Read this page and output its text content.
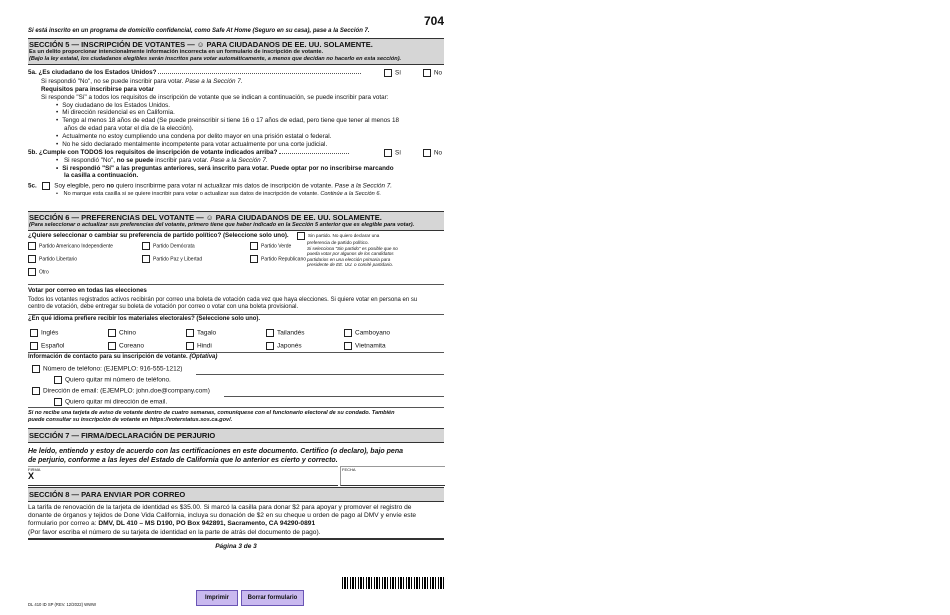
704
Si está inscrito en un programa de domicilio confidencial, como Safe At Home (Seguro en su casa), pase a la Sección 7.
SECCIÓN 5 — INSCRIPCIÓN DE VOTANTES — ☺ PARA CIUDADANOS DE EE. UU. SOLAMENTE.
Es un delito proporcionar intencionalmente información incorrecta en un formulario de inscripción de votante.
(Bajo la ley estatal, los ciudadanos elegibles serán inscritos para votar automáticamente, a menos que decidan no hacerlo en esta sección).
5a. ¿Es ciudadano de los Estados Unidos?	Sí	No
Si respondió "No", no se puede inscribir para votar. Pase a la Sección 7.
Requisitos para inscribirse para votar
Si responde "Sí" a todos los requisitos de inscripción de votante que se indican a continuación, se puede inscribir para votar:
• Soy ciudadano de los Estados Unidos.
• Mi dirección residencial es en California.
• Tengo al menos 18 años de edad (Se puede preinscribir si tiene 16 o 17 años de edad, pero tiene que tener al menos 18
años de edad para votar el día de la elección).
• Actualmente no estoy cumpliendo una condena por delito mayor en una prisión estatal o federal.
• No he sido declarado mentalmente incompetente para votar actualmente por una corte judicial.
5b. ¿Cumple con TODOS los requisitos de inscripción de votante indicados arriba?	Sí	No
• Si respondió "No", no se puede inscribir para votar. Pase a la Sección 7.
• Si respondió "Sí" a las preguntas anteriores, será inscrito para votar. Puede optar por no inscribirse marcando
la casilla a continuación.
5c.	Soy elegible, pero no quiero inscribirme para votar ni actualizar mis datos de inscripción de votante. Pase a la Sección 7.
• No marque esta casilla si se quiere inscribir para votar o actualizar sus datos de inscripción de votante. Continúe a la Sección 6.
SECCIÓN 6 — PREFERENCIAS DEL VOTANTE — ☺ PARA CIUDADANOS DE EE. UU. SOLAMENTE.
(Para seleccionar o actualizar sus preferencias del votante, primero tiene que haber indicado en la Sección 5 anterior que es elegible para votar).
¿Quiere seleccionar o cambiar su preferencia de partido político? (Seleccione solo uno).
Partido Americano Independiente	Partido Demócrata	Partido Verde
Partido Libertario	Partido Paz y Libertad	Partido Republicano
Otro
Sin partido. No quiero declarar una
preferencia de partido político.
Si selecciona "Sin partido" es posible que no
pueda votar por algunos de los candidatos
partidarios en una elección primaria para
presidente de EE. UU. o comité partidario.
Votar por correo en todas las elecciones
Todos los votantes registrados activos recibirán por correo una boleta de votación cada vez que haya elecciones. Si quiere votar en persona en su
centro de votación, debe entregar su boleta de votación por correo o votar con una boleta provisional.
¿En qué idioma prefiere recibir los materiales electorales? (Seleccione solo uno).
Inglés	Chino	Tagalo	Tailandés	Camboyano
Español	Coreano	Hindi	Japonés	Vietnamita
Información de contacto para su inscripción de votante. (Optativa)
Número de teléfono: (EJEMPLO: 916-555-1212)
Quiero quitar mi número de teléfono.
Dirección de email: (EJEMPLO: john.doe@company.com)
Quiero quitar mi dirección de email.
Si no recibe una tarjeta de aviso de votante dentro de cuatro semanas, comuníquese con el funcionario electoral de su condado. También
puede consultar su inscripción de votante en https://voterstatus.sos.ca.gov/.
SECCIÓN 7 — FIRMA/DECLARACIÓN DE PERJURIO
He leído, entiendo y estoy de acuerdo con las certificaciones en este documento. Certifico (o declaro), bajo pena
de perjurio, conforme a las leyes del Estado de California que lo anterior es cierto y correcto.
FIRMA
X
FECHA
SECCIÓN 8 — PARA ENVIAR POR CORREO
La tarifa de renovación de la tarjeta de identidad es $35.00. Si marcó la casilla para donar $2 para apoyar y promover el registro de
donante de órganos y tejidos de Done Vida California, incluya su donación de $2 en su cheque u orden de pago al DMV y envíe este
formulario por correo a: DMV, DL 410 – MS D190, PO Box 942891, Sacramento, CA 94290-0891
(Por favor escriba el número de su tarjeta de identidad en la parte de atrás del documento de pago).
Página 3 de 3
DL 410 ID SP (REV. 12/2022) WWW
Imprimir	Borrar formulario
